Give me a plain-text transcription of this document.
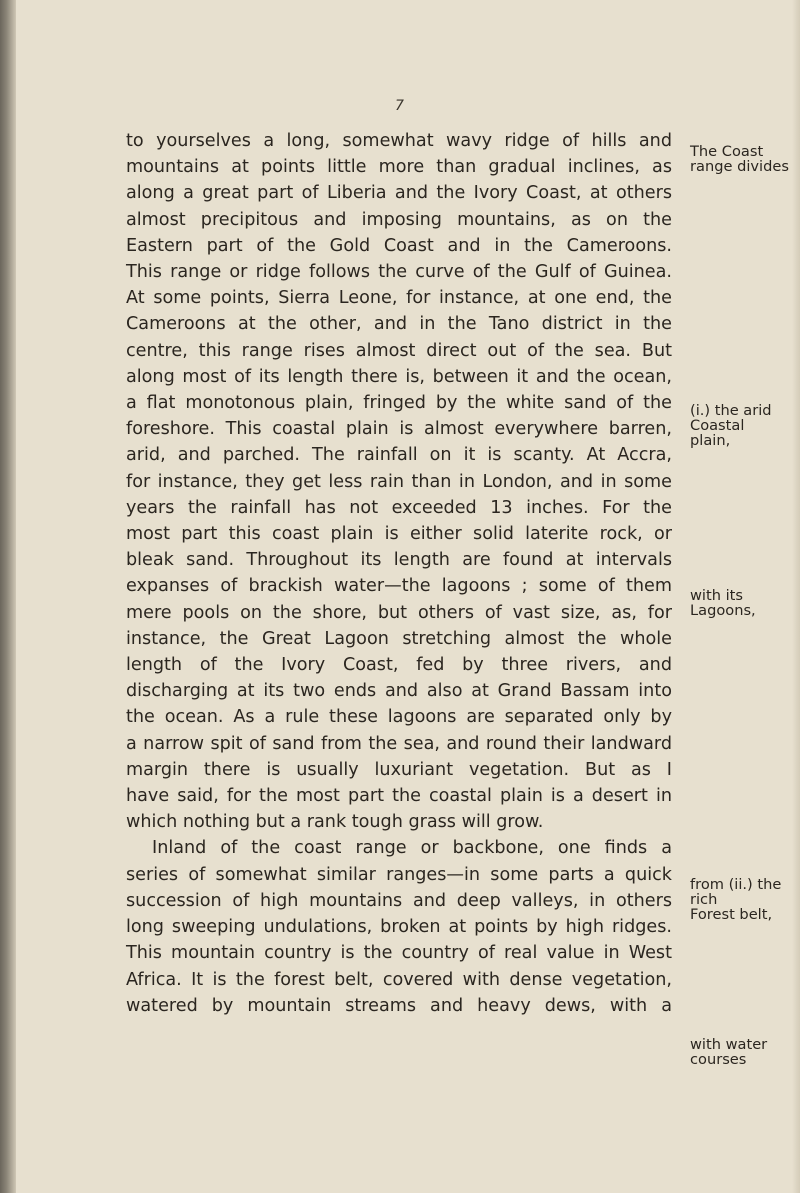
7
to yourselves a long, somewhat wavy ridge of hills and
mountains at points little more than gradual inclines, as
along a great part of Liberia and the Ivory Coast, at others
almost precipitous and imposing mountains, as on the
Eastern part of the Gold Coast and in the Cameroons.
This range or ridge follows the curve of the Gulf of Guinea.
At some points, Sierra Leone, for instance, at one end, the
Cameroons at the other, and in the Tano district in the
centre, this range rises almost direct out of the sea. But
along most of its length there is, between it and the ocean,
a flat monotonous plain, fringed by the white sand of the
foreshore. This coastal plain is almost everywhere barren,
arid, and parched. The rainfall on it is scanty. At Accra,
for instance, they get less rain than in London, and in some
years the rainfall has not exceeded 13 inches. For the
most part this coast plain is either solid laterite rock, or
bleak sand. Throughout its length are found at intervals
expanses of brackish water—the lagoons ; some of them
mere pools on the shore, but others of vast size, as, for
instance, the Great Lagoon stretching almost the whole
length of the Ivory Coast, fed by three rivers, and
discharging at its two ends and also at Grand Bassam into
the ocean. As a rule these lagoons are separated only by
a narrow spit of sand from the sea, and round their landward
margin there is usually luxuriant vegetation. But as I
have said, for the most part the coastal plain is a desert in
which nothing but a rank tough grass will grow.
Inland of the coast range or backbone, one finds a
series of somewhat similar ranges—in some parts a quick
succession of high mountains and deep valleys, in others
long sweeping undulations, broken at points by high ridges.
This mountain country is the country of real value in West
Africa. It is the forest belt, covered with dense vegetation,
watered by mountain streams and heavy dews, with a
The Coast
range divides
(i.) the arid
Coastal
plain,
with its
Lagoons,
from (ii.) the
rich
Forest belt,
with water
courses
